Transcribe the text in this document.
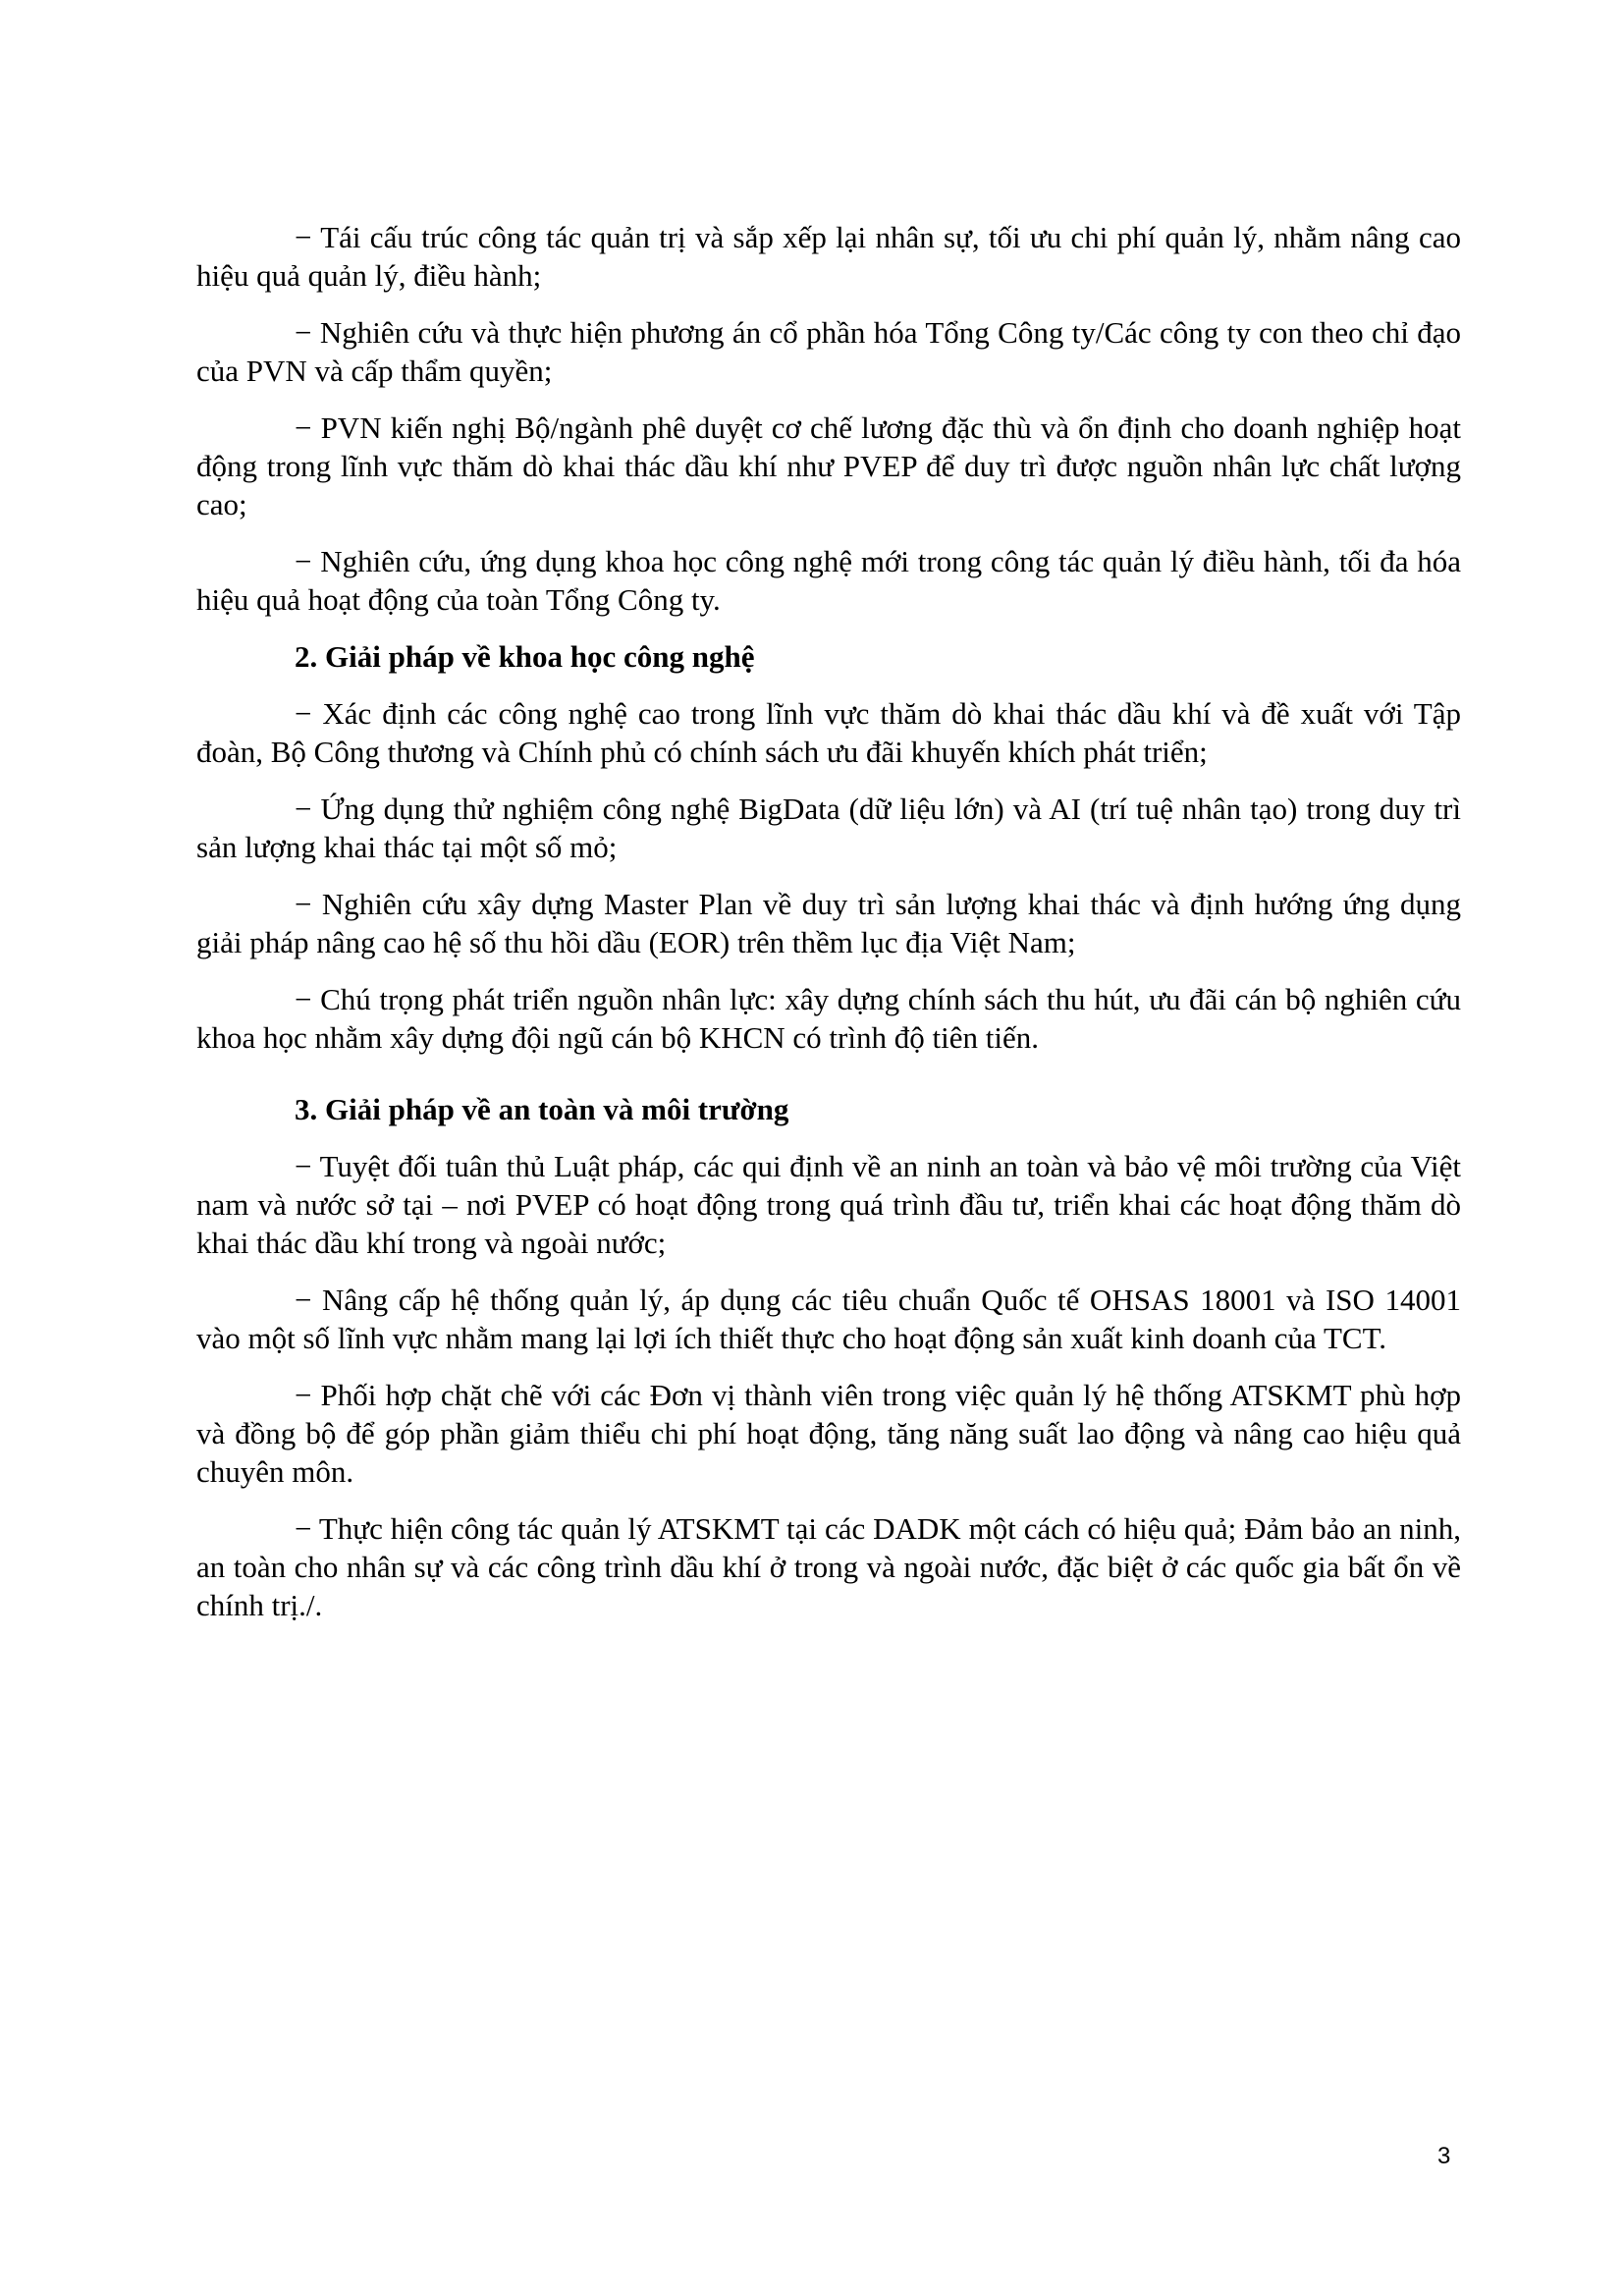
− Tái cấu trúc công tác quản trị và sắp xếp lại nhân sự, tối ưu chi phí quản lý, nhằm nâng cao hiệu quả quản lý, điều hành;

− Nghiên cứu và thực hiện phương án cổ phần hóa Tổng Công ty/Các công ty con theo chỉ đạo của PVN và cấp thẩm quyền;

− PVN kiến nghị Bộ/ngành phê duyệt cơ chế lương đặc thù và ổn định cho doanh nghiệp hoạt động trong lĩnh vực thăm dò khai thác dầu khí như PVEP để duy trì được nguồn nhân lực chất lượng cao;

− Nghiên cứu, ứng dụng khoa học công nghệ mới trong công tác quản lý điều hành, tối đa hóa hiệu quả hoạt động của toàn Tổng Công ty.

2. Giải pháp về khoa học công nghệ

− Xác định các công nghệ cao trong lĩnh vực thăm dò khai thác dầu khí và đề xuất với Tập đoàn, Bộ Công thương và Chính phủ có chính sách ưu đãi khuyến khích phát triển;

− Ứng dụng thử nghiệm công nghệ BigData (dữ liệu lớn) và AI (trí tuệ nhân tạo) trong duy trì sản lượng khai thác tại một số mỏ;

− Nghiên cứu xây dựng Master Plan về duy trì sản lượng khai thác và định hướng ứng dụng giải pháp nâng cao hệ số thu hồi dầu (EOR) trên thềm lục địa Việt Nam;

− Chú trọng phát triển nguồn nhân lực: xây dựng chính sách thu hút, ưu đãi cán bộ nghiên cứu khoa học nhằm xây dựng đội ngũ cán bộ KHCN có trình độ tiên tiến.

3. Giải pháp về an toàn và môi trường

− Tuyệt đối tuân thủ Luật pháp, các qui định về an ninh an toàn và bảo vệ môi trường của Việt nam và nước sở tại – nơi PVEP có hoạt động trong quá trình đầu tư, triển khai các hoạt động thăm dò khai thác dầu khí trong và ngoài nước;

− Nâng cấp hệ thống quản lý, áp dụng các tiêu chuẩn Quốc tế OHSAS 18001 và ISO 14001 vào một số lĩnh vực nhằm mang lại lợi ích thiết thực cho hoạt động sản xuất kinh doanh của TCT.

− Phối hợp chặt chẽ với các Đơn vị thành viên trong việc quản lý hệ thống ATSKMT phù hợp và đồng bộ để góp phần giảm thiểu chi phí hoạt động, tăng năng suất lao động và nâng cao hiệu quả chuyên môn.

− Thực hiện công tác quản lý ATSKMT tại các DADK một cách có hiệu quả; Đảm bảo an ninh, an toàn cho nhân sự và các công trình dầu khí ở trong và ngoài nước, đặc biệt ở các quốc gia bất ổn về chính trị./.

3
